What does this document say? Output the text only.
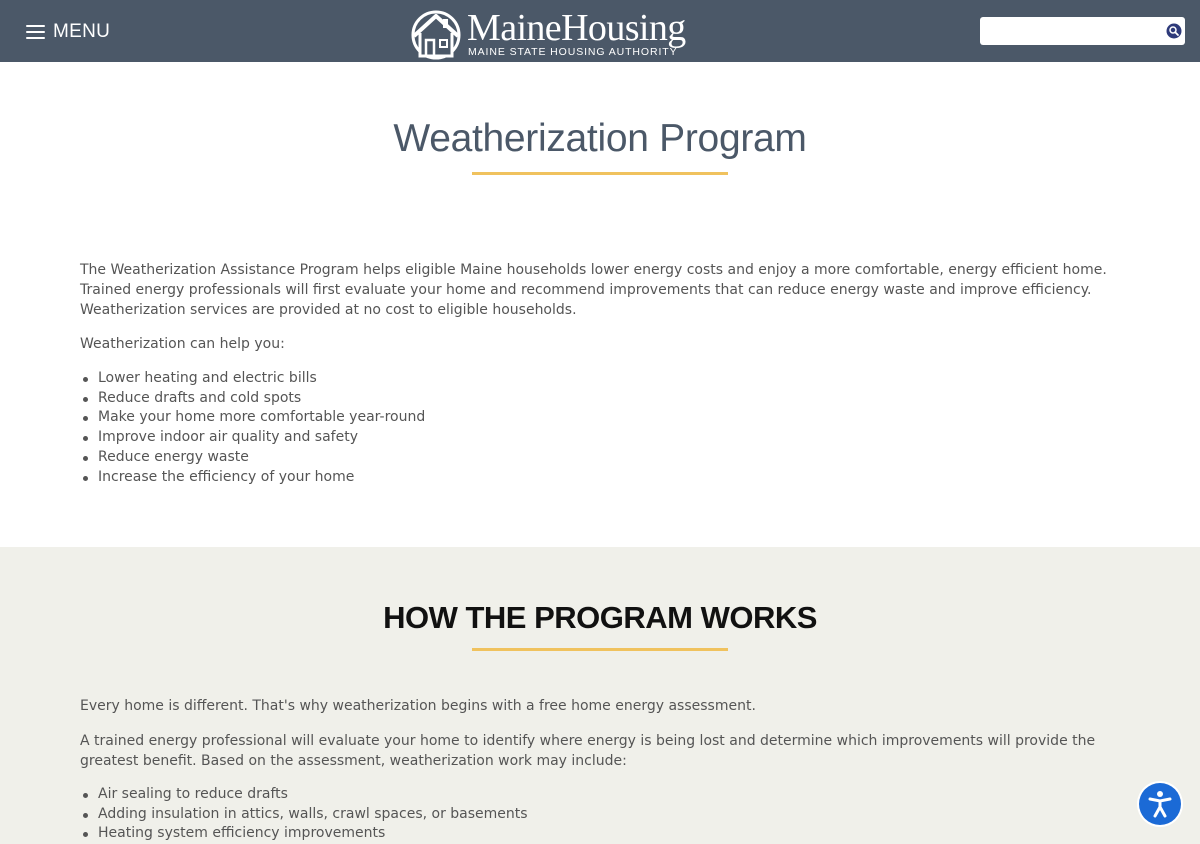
MENU	MaineHousing
MAINE STATE HOUSING AUTHORITY
Weatherization Program

The Weatherization Assistance Program helps eligible Maine households lower energy costs and enjoy a more comfortable, energy efficient home. Trained energy professionals will first evaluate your home and recommend improvements that can reduce energy waste and improve efficiency. Weatherization services are provided at no cost to eligible households.

Weatherization can help you:

Lower heating and electric bills
Reduce drafts and cold spots
Make your home more comfortable year-round
Improve indoor air quality and safety
Reduce energy waste
Increase the efficiency of your home
HOW THE PROGRAM WORKS

Every home is different. That's why weatherization begins with a free home energy assessment.

A trained energy professional will evaluate your home to identify where energy is being lost and determine which improvements will provide the greatest benefit. Based on the assessment, weatherization work may include:

Air sealing to reduce drafts
Adding insulation in attics, walls, crawl spaces, or basements
Heating system efficiency improvements
